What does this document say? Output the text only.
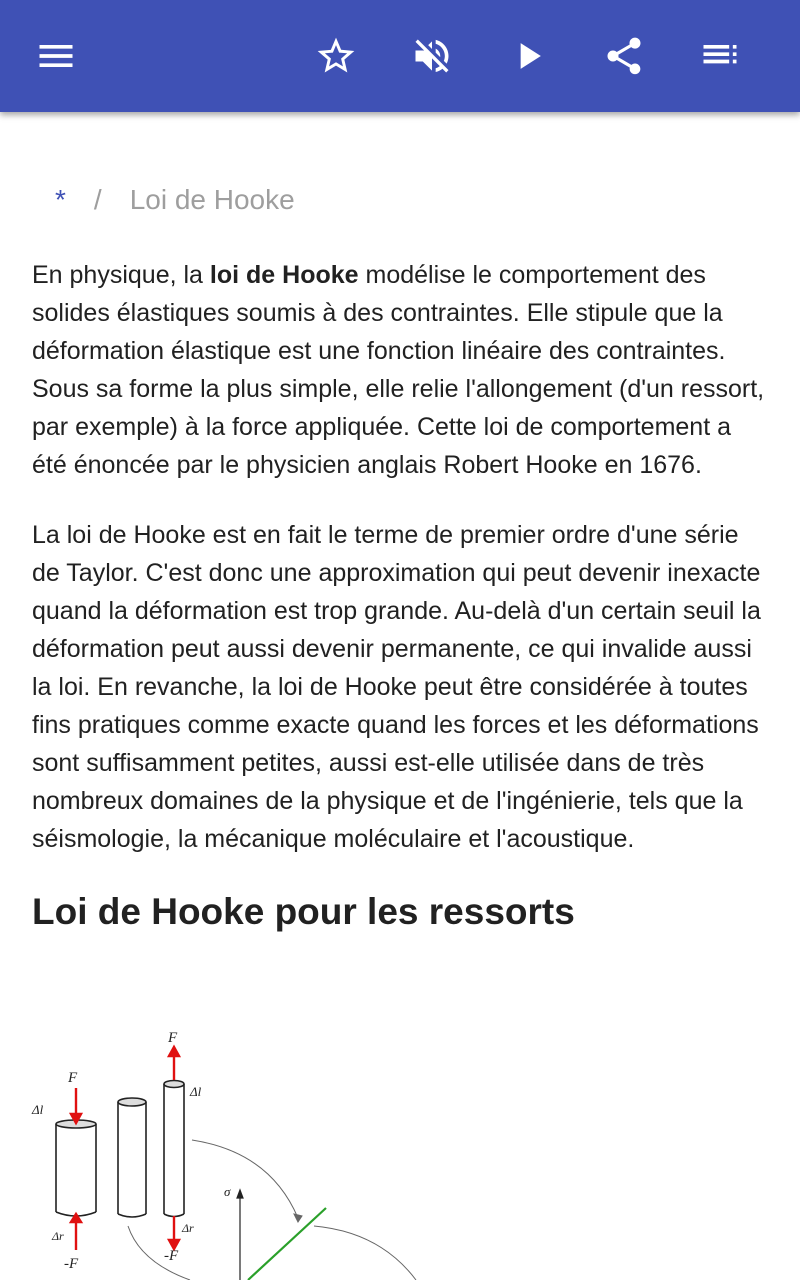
* / Loi de Hooke

En physique, la loi de Hooke modélise le comportement des solides élastiques soumis à des contraintes. Elle stipule que la déformation élastique est une fonction linéaire des contraintes. Sous sa forme la plus simple, elle relie l'allongement (d'un ressort, par exemple) à la force appliquée. Cette loi de comportement a été énoncée par le physicien anglais Robert Hooke en 1676.

La loi de Hooke est en fait le terme de premier ordre d'une série de Taylor. C'est donc une approximation qui peut devenir inexacte quand la déformation est trop grande. Au-delà d'un certain seuil la déformation peut aussi devenir permanente, ce qui invalide aussi la loi. En revanche, la loi de Hooke peut être considérée à toutes fins pratiques comme exacte quand les forces et les déformations sont suffisamment petites, aussi est-elle utilisée dans de très nombreux domaines de la physique et de l'ingénierie, tels que la séismologie, la mécanique moléculaire et l'acoustique.

Loi de Hooke pour les ressorts
F
Δl
Δr
-F
F
Δl
Δr
-F
σ
